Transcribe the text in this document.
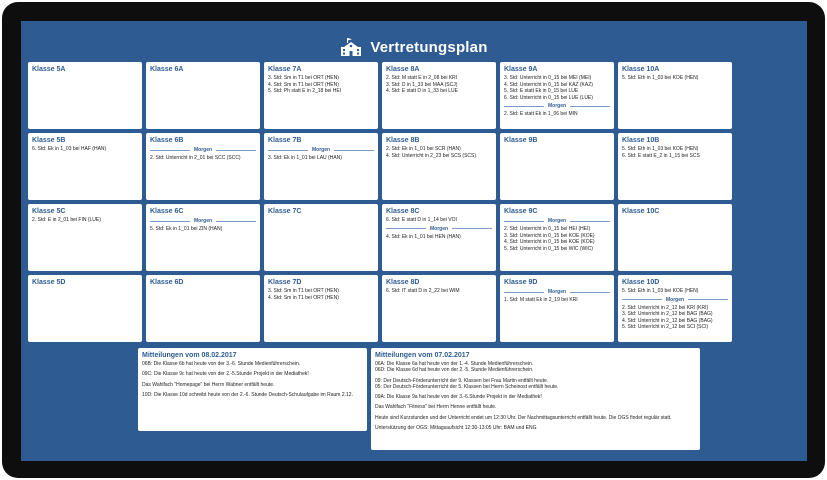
Vertretungsplan
Klasse 5A	Klasse 6A	Klasse 7A
3. Std: Sm in T1 bei ORT (HEN)
4. Std: Sm in T1 bei ORT (HEN)
5. Std: Ph statt E in 2_18 bei HEI
Klasse 8A
2. Std: M statt E in 2_08 bei KRI
3. Std: D in 1_33 bei MAA (SCJ)
4. Std: E statt D in 1_33 bei LUE
Klasse 9A
3. Std: Unterricht in 0_15 bei MEI (MEI)
4. Std: Unterricht in 0_15 bei KAZ (KAZ)
5. Std: E statt Ek in 0_15 bei LUE
6. Std: Unterricht in 0_15 bei LUE (LUE)
Morgen
2. Std: E statt Ek in 1_06 bei MIN
Klasse 10A
5. Std: Eth in 1_03 bei KOE (HEN)
Klasse 5B
6. Std: Ek in 1_03 bei HAF (HAN)
Klasse 6B
Morgen
2. Std: Unterricht in 2_01 bei SCC (SCC)
Klasse 7B
Morgen
3. Std: Ek in 1_01 bei LAU (HAN)
Klasse 8B
2. Std: Ek in 1_01 bei SCR (HAN)
4. Std: Unterricht in 2_23 bei SCS (SCS)
Klasse 9B	Klasse 10B
5. Std: Eth in 1_03 bei KOE (HEN)
6. Std: E statt E_2 in 1_15 bei SCS
Klasse 5C
2. Std: E in 2_01 bei FIN (LUE)
Klasse 6C
Morgen
5. Std: Ek in 1_01 bei ZIN (HAN)
Klasse 7C	Klasse 8C
6. Std: E statt D in 1_14 bei VOI
Morgen
4. Std: Ek in 1_01 bei HEN (HAN)
Klasse 9C
Morgen
2. Std: Unterricht in 0_15 bei HEI (HEI)
3. Std: Unterricht in 0_15 bei KOE (KOE)
4. Std: Unterricht in 0_15 bei KOE (KOE)
5. Std: Unterricht in 0_15 bei WIC (WIC)
Klasse 10C
Klasse 5D	Klasse 6D	Klasse 7D
3. Std: Sm in T1 bei ORT (HEN)
4. Std: Sm in T1 bei ORT (HEN)
Klasse 8D
6. Std: IT statt D in 2_22 bei WIM
Klasse 9D
Morgen
1. Std: M statt Ek in 2_19 bei KRI
Klasse 10D
5. Std: Eth in 1_03 bei KOE (HEN)
Morgen
2. Std: Unterricht in 2_12 bei KRI (KRI)
3. Std: Unterricht in 2_12 bei BAG (BAG)
4. Std: Unterricht in 2_12 bei BAG (BAG)
5. Std: Unterricht in 2_12 bei SCI (SCI)
Mitteilungen vom 08.02.2017
06B: Die Klasse 6b hat heute von der 3.-6. Stunde Medienführerschein.
09C: Die Klasse 9c hat heute von der 2.-5.Stunde Projekt in der Mediathek!
Das Wahlfach "Homepage" bei Herrn Wabner entfällt heute.
10D: Die Klasse 10d schreibt heute von der 2.-6. Stunde Deutsch-Schulaufgabe im Raum 2.12.
Mitteilungen vom 07.02.2017
06A: Die Klasse 6a hat heute von der 1.-4. Stunde Medienführerschein.
06D: Die Klasse 6d hat heute von der 2.-5. Stunde Medienführerschein.
09: Der Deutsch-Förderunterricht der 9. Klassen bei Frau Martin entfällt heute.
05: Der Deutsch-Förderunterricht der 5. Klassen bei Herrn Scheinost entfällt heute.
09A: Die Klasse 9a hat heute von der 3.-6.Stunde Projekt in der Mediathek!
Das Wahlfach "Fitness" bei Herrn Henne entfällt heute.
Heute sind Kurzstunden und der Unterricht endet um 12:30 Uhr. Der Nachmittagsunterricht entfällt heute. Die OGS findet regulär statt.
Unterstützung der OGS: Mittagsaufsicht 12:30-13:05 Uhr: BAM und ENG
